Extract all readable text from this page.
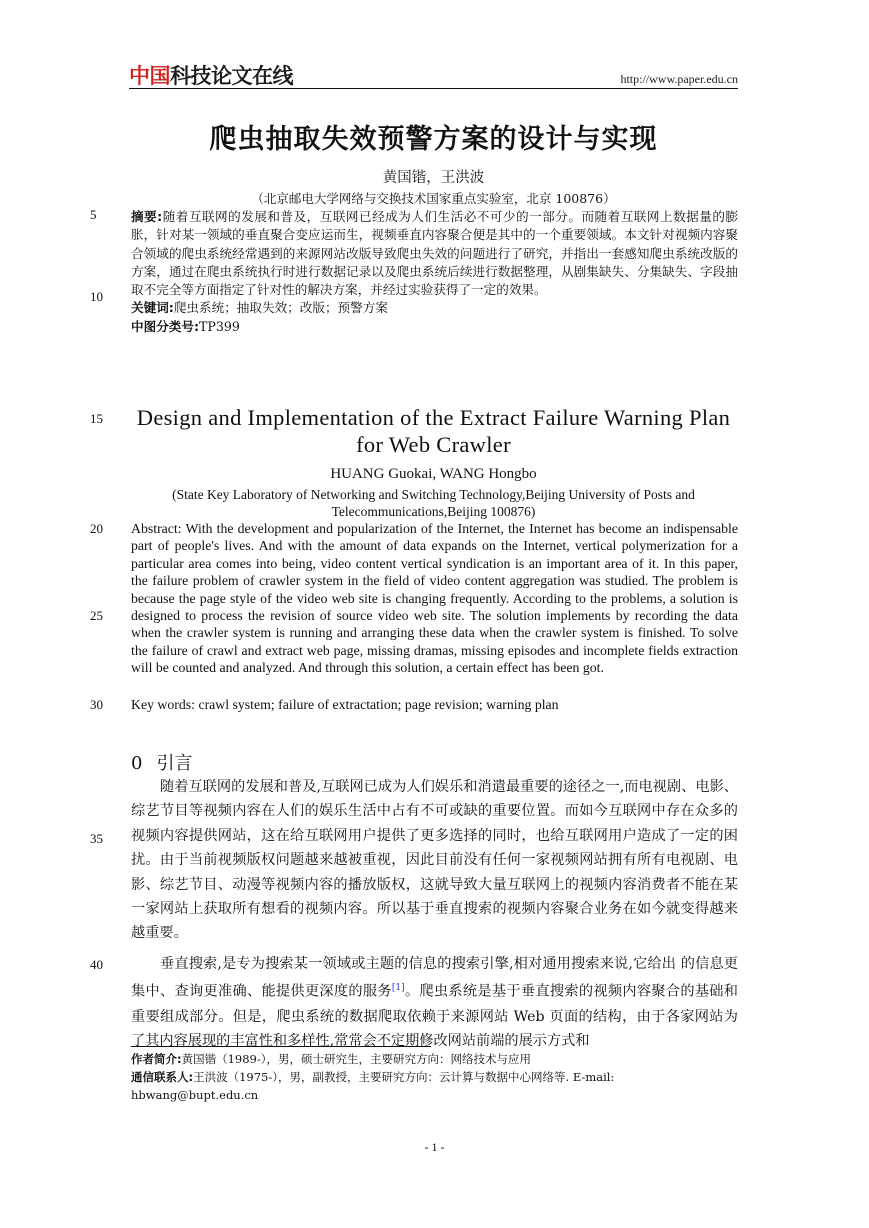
中国科技论文在线	http://www.paper.edu.cn
爬虫抽取失效预警方案的设计与实现
黄国锴，王洪波
（北京邮电大学网络与交换技术国家重点实验室，北京 100876）
5
10
15
20
25
30
35
40
摘要:随着互联网的发展和普及，互联网已经成为人们生活必不可少的一部分。而随着互联网上数据量的膨胀，针对某一领域的垂直聚合变应运而生，视频垂直内容聚合便是其中的一个重要领域。本文针对视频内容聚合领域的爬虫系统经常遇到的来源网站改版导致爬虫失效的问题进行了研究，并指出一套感知爬虫系统改版的方案，通过在爬虫系统执行时进行数据记录以及爬虫系统后续进行数据整理，从剧集缺失、分集缺失、字段抽取不完全等方面指定了针对性的解决方案，并经过实验获得了一定的效果。
关键词:爬虫系统；抽取失效；改版；预警方案
中图分类号:TP399
Design and Implementation of the Extract Failure Warning Plan for Web Crawler
HUANG Guokai, WANG Hongbo
(State Key Laboratory of Networking and Switching Technology,Beijing University of Posts and Telecommunications,Beijing 100876)
Abstract: With the development and popularization of the Internet, the Internet has become an indispensable part of people's lives. And with the amount of data expands on the Internet, vertical polymerization for a particular area comes into being, video content vertical syndication is an important area of it. In this paper, the failure problem of crawler system in the field of video content aggregation was studied. The problem is because the page style of the video web site is changing frequently. According to the problems, a solution is designed to process the revision of source video web site. The solution implements by recording the data when the crawler system is running and arranging these data when the crawler system is finished. To solve the failure of crawl and extract web page, missing dramas, missing episodes and incomplete fields extraction will be counted and analyzed. And through this solution, a certain effect has been got.
Key words: crawl system; failure of extractation; page revision; warning plan
0 引言
随着互联网的发展和普及,互联网已成为人们娱乐和消遣最重要的途径之一,而电视剧、电影、综艺节目等视频内容在人们的娱乐生活中占有不可或缺的重要位置。而如今互联网中存在众多的视频内容提供网站，这在给互联网用户提供了更多选择的同时，也给互联网用户造成了一定的困扰。由于当前视频版权问题越来越被重视，因此目前没有任何一家视频网站拥有所有电视剧、电影、综艺节目、动漫等视频内容的播放版权，这就导致大量互联网上的视频内容消费者不能在某一家网站上获取所有想看的视频内容。所以基于垂直搜索的视频内容聚合业务在如今就变得越来越重要。
垂直搜索,是专为搜索某一领域或主题的信息的搜索引擎,相对通用搜索来说,它给出 的信息更集中、查询更准确、能提供更深度的服务[1]。爬虫系统是基于垂直搜索的视频内容聚合的基础和重要组成部分。但是，爬虫系统的数据爬取依赖于来源网站 Web 页面的结构，由于各家网站为了其内容展现的丰富性和多样性,常常会不定期修改网站前端的展示方式和
作者简介:黄国锴（1989-），男，硕士研究生，主要研究方向：网络技术与应用
通信联系人:王洪波（1975-），男，副教授，主要研究方向：云计算与数据中心网络等. E-mail: hbwang@bupt.edu.cn
- 1 -
